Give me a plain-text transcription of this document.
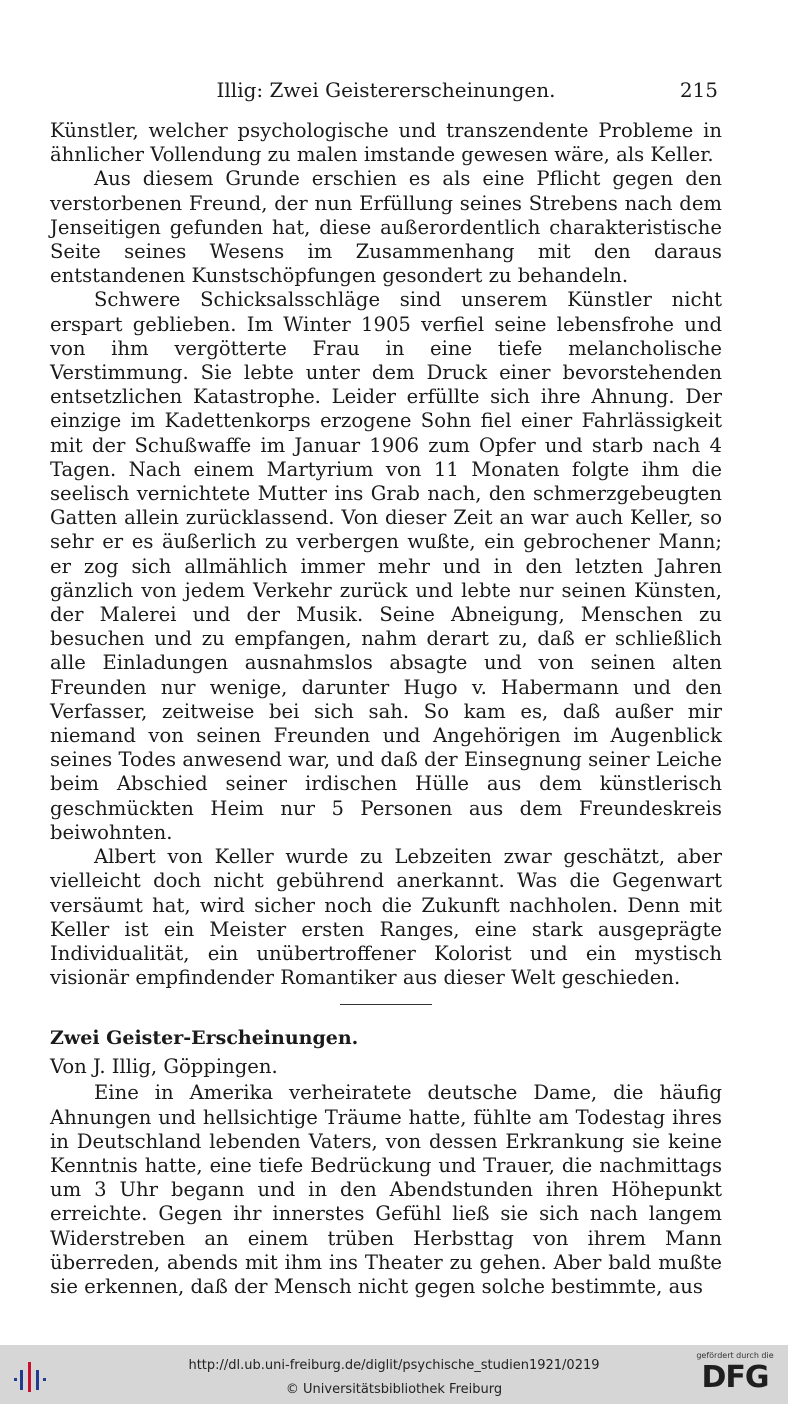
Illig: Zwei Geistererscheinungen.	215

Künstler, welcher psychologische und transzendente Probleme in ähnlicher Vollendung zu malen imstande gewesen wäre, als Keller.

Aus diesem Grunde erschien es als eine Pflicht gegen den verstorbenen Freund, der nun Erfüllung seines Strebens nach dem Jenseitigen gefunden hat, diese außerordentlich charakteristische Seite seines Wesens im Zusammenhang mit den daraus entstandenen Kunstschöpfungen gesondert zu behandeln.

Schwere Schicksalsschläge sind unserem Künstler nicht erspart geblieben. Im Winter 1905 verfiel seine lebensfrohe und von ihm vergötterte Frau in eine tiefe melancholische Verstimmung. Sie lebte unter dem Druck einer bevorstehenden entsetzlichen Katastrophe. Leider erfüllte sich ihre Ahnung. Der einzige im Kadettenkorps erzogene Sohn fiel einer Fahrlässigkeit mit der Schußwaffe im Januar 1906 zum Opfer und starb nach 4 Tagen. Nach einem Martyrium von 11 Monaten folgte ihm die seelisch vernichtete Mutter ins Grab nach, den schmerzgebeugten Gatten allein zurücklassend. Von dieser Zeit an war auch Keller, so sehr er es äußerlich zu verbergen wußte, ein gebrochener Mann; er zog sich allmählich immer mehr und in den letzten Jahren gänzlich von jedem Verkehr zurück und lebte nur seinen Künsten, der Malerei und der Musik. Seine Abneigung, Menschen zu besuchen und zu empfangen, nahm derart zu, daß er schließlich alle Einladungen ausnahmslos absagte und von seinen alten Freunden nur wenige, darunter Hugo v. Habermann und den Verfasser, zeitweise bei sich sah. So kam es, daß außer mir niemand von seinen Freunden und Angehörigen im Augenblick seines Todes anwesend war, und daß der Einsegnung seiner Leiche beim Abschied seiner irdischen Hülle aus dem künstlerisch geschmückten Heim nur 5 Personen aus dem Freundeskreis beiwohnten.

Albert von Keller wurde zu Lebzeiten zwar geschätzt, aber vielleicht doch nicht gebührend anerkannt. Was die Gegenwart versäumt hat, wird sicher noch die Zukunft nachholen. Denn mit Keller ist ein Meister ersten Ranges, eine stark ausgeprägte Individualität, ein unübertroffener Kolorist und ein mystisch visionär empfindender Romantiker aus dieser Welt geschieden.

Zwei Geister-Erscheinungen.

Von J. Illig, Göppingen.

Eine in Amerika verheiratete deutsche Dame, die häufig Ahnungen und hellsichtige Träume hatte, fühlte am Todestag ihres in Deutschland lebenden Vaters, von dessen Erkrankung sie keine Kenntnis hatte, eine tiefe Bedrückung und Trauer, die nachmittags um 3 Uhr begann und in den Abendstunden ihren Höhepunkt erreichte. Gegen ihr innerstes Gefühl ließ sie sich nach langem Widerstreben an einem trüben Herbsttag von ihrem Mann überreden, abends mit ihm ins Theater zu gehen. Aber bald mußte sie erkennen, daß der Mensch nicht gegen solche bestimmte, aus

http://dl.ub.uni-freiburg.de/diglit/psychische_studien1921/0219
© Universitätsbibliothek Freiburg
gefördert durch die
DFG
